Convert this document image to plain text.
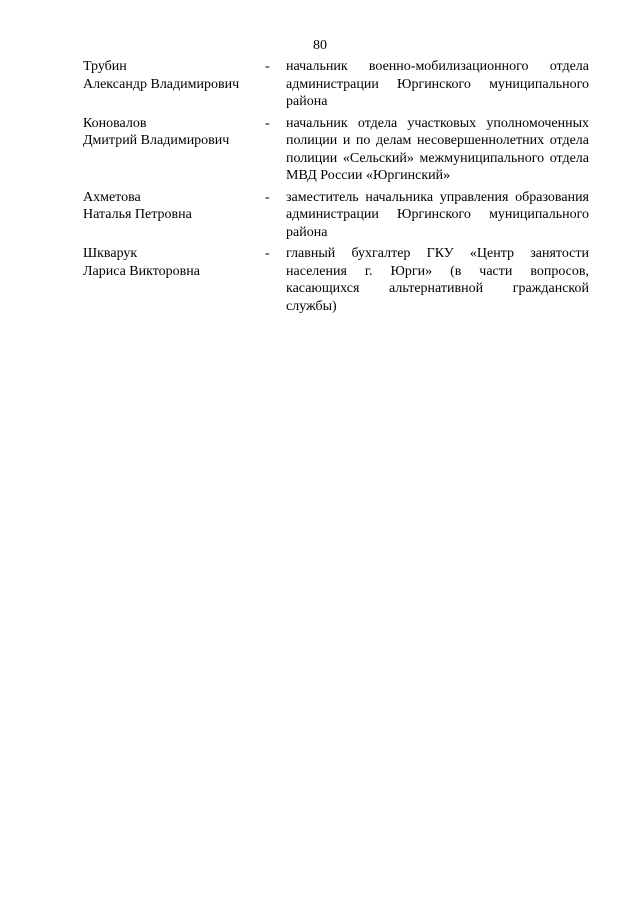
80
Трубин
Александр Владимирович
-	начальник военно-мобилизационного отдела администрации Юргинского муниципального района
Коновалов
Дмитрий Владимирович
-	начальник отдела участковых уполномоченных полиции и по делам несовершеннолетних отдела полиции «Сельский» межмуниципального отдела МВД России «Юргинский»
Ахметова
Наталья Петровна
-	заместитель начальника управления образования администрации Юргинского муниципального района
Шкварук
Лариса Викторовна
-	главный бухгалтер ГКУ «Центр занятости населения г. Юрги» (в части вопросов, касающихся альтернативной гражданской службы)
